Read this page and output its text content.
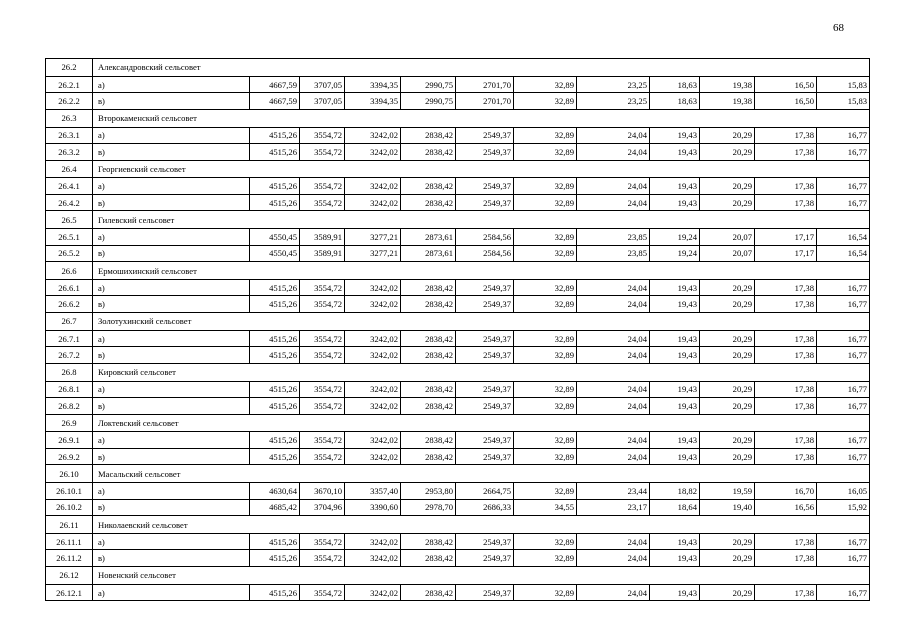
68
26.2	Александровский сельсовет											
26.2.1	а)	4667,59	3707,05	3394,35	2990,75	2701,70	32,89	23,25	18,63	19,38	16,50	15,83
26.2.2	в)	4667,59	3707,05	3394,35	2990,75	2701,70	32,89	23,25	18,63	19,38	16,50	15,83
26.3	Второкаменский сельсовет											
26.3.1	а)	4515,26	3554,72	3242,02	2838,42	2549,37	32,89	24,04	19,43	20,29	17,38	16,77
26.3.2	в)	4515,26	3554,72	3242,02	2838,42	2549,37	32,89	24,04	19,43	20,29	17,38	16,77
26.4	Георгиевский сельсовет											
26.4.1	а)	4515,26	3554,72	3242,02	2838,42	2549,37	32,89	24,04	19,43	20,29	17,38	16,77
26.4.2	в)	4515,26	3554,72	3242,02	2838,42	2549,37	32,89	24,04	19,43	20,29	17,38	16,77
26.5	Гилевский сельсовет											
26.5.1	а)	4550,45	3589,91	3277,21	2873,61	2584,56	32,89	23,85	19,24	20,07	17,17	16,54
26.5.2	в)	4550,45	3589,91	3277,21	2873,61	2584,56	32,89	23,85	19,24	20,07	17,17	16,54
26.6	Ермошихинский сельсовет											
26.6.1	а)	4515,26	3554,72	3242,02	2838,42	2549,37	32,89	24,04	19,43	20,29	17,38	16,77
26.6.2	в)	4515,26	3554,72	3242,02	2838,42	2549,37	32,89	24,04	19,43	20,29	17,38	16,77
26.7	Золотухинский сельсовет											
26.7.1	а)	4515,26	3554,72	3242,02	2838,42	2549,37	32,89	24,04	19,43	20,29	17,38	16,77
26.7.2	в)	4515,26	3554,72	3242,02	2838,42	2549,37	32,89	24,04	19,43	20,29	17,38	16,77
26.8	Кировский сельсовет											
26.8.1	а)	4515,26	3554,72	3242,02	2838,42	2549,37	32,89	24,04	19,43	20,29	17,38	16,77
26.8.2	в)	4515,26	3554,72	3242,02	2838,42	2549,37	32,89	24,04	19,43	20,29	17,38	16,77
26.9	Локтевский сельсовет											
26.9.1	а)	4515,26	3554,72	3242,02	2838,42	2549,37	32,89	24,04	19,43	20,29	17,38	16,77
26.9.2	в)	4515,26	3554,72	3242,02	2838,42	2549,37	32,89	24,04	19,43	20,29	17,38	16,77
26.10	Масальский сельсовет											
26.10.1	а)	4630,64	3670,10	3357,40	2953,80	2664,75	32,89	23,44	18,82	19,59	16,70	16,05
26.10.2	в)	4685,42	3704,96	3390,60	2978,70	2686,33	34,55	23,17	18,64	19,40	16,56	15,92
26.11	Николаевский сельсовет											
26.11.1	а)	4515,26	3554,72	3242,02	2838,42	2549,37	32,89	24,04	19,43	20,29	17,38	16,77
26.11.2	в)	4515,26	3554,72	3242,02	2838,42	2549,37	32,89	24,04	19,43	20,29	17,38	16,77
26.12	Новенский сельсовет											
26.12.1	а)	4515,26	3554,72	3242,02	2838,42	2549,37	32,89	24,04	19,43	20,29	17,38	16,77
